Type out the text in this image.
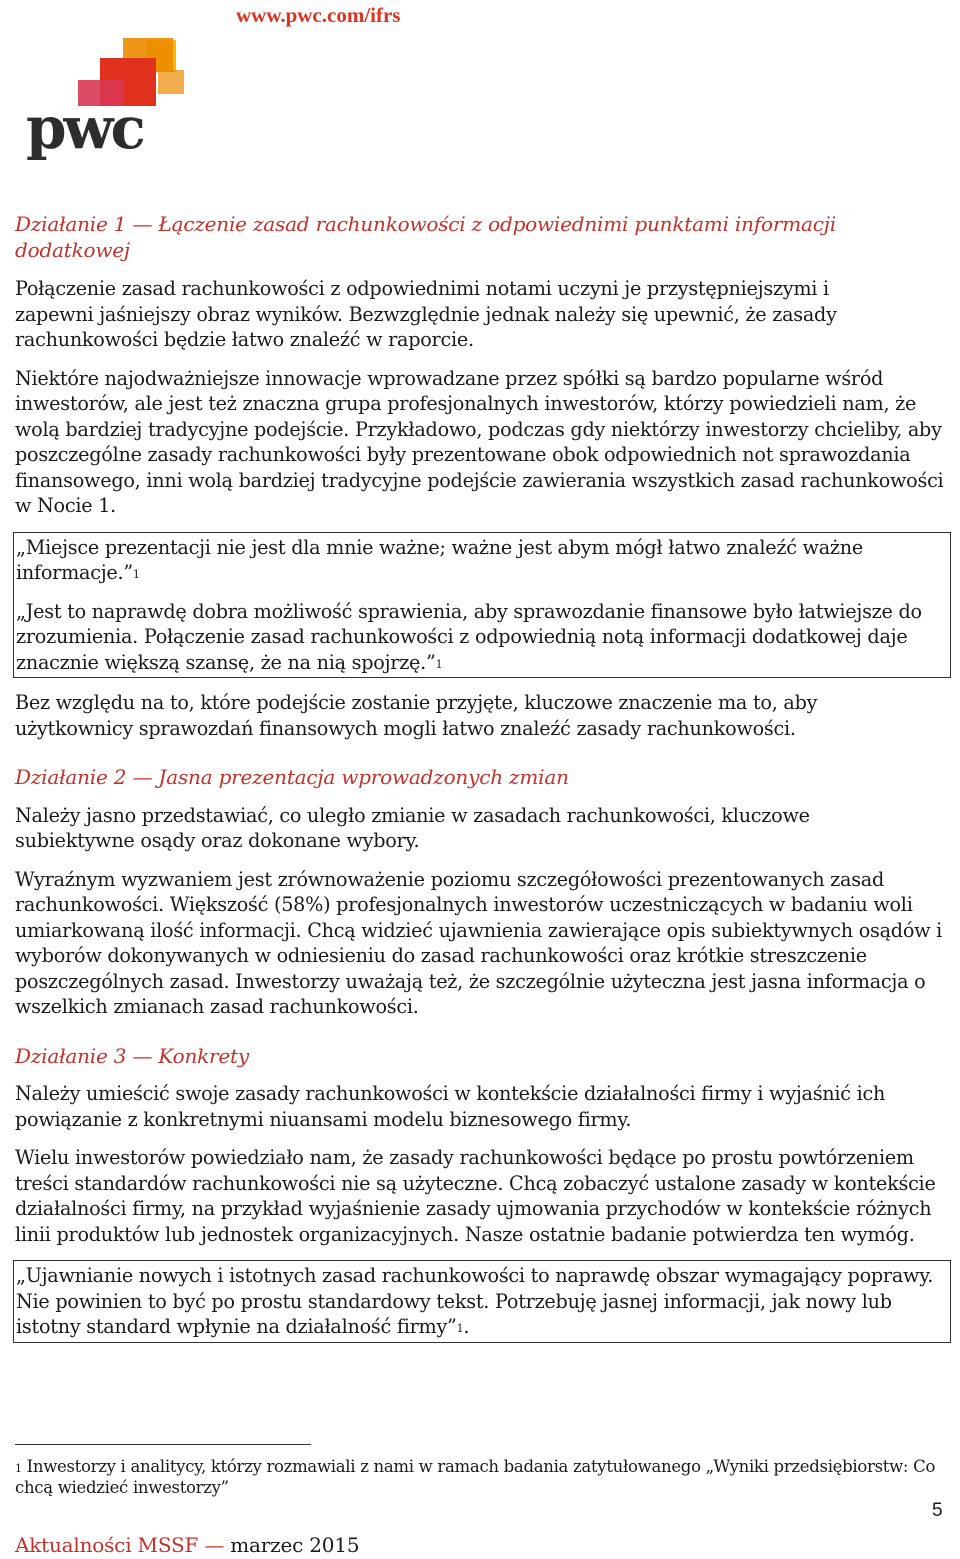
www.pwc.com/ifrs
pwc

Działanie 1 — Łączenie zasad rachunkowości z odpowiednimi punktami informacji dodatkowej

Połączenie zasad rachunkowości z odpowiednimi notami uczyni je przystępniejszymi i zapewni jaśniejszy obraz wyników. Bezwzględnie jednak należy się upewnić, że zasady rachunkowości będzie łatwo znaleźć w raporcie.

Niektóre najodważniejsze innowacje wprowadzane przez spółki są bardzo popularne wśród inwestorów, ale jest też znaczna grupa profesjonalnych inwestorów, którzy powiedzieli nam, że wolą bardziej tradycyjne podejście. Przykładowo, podczas gdy niektórzy inwestorzy chcieliby, aby poszczególne zasady rachunkowości były prezentowane obok odpowiednich not sprawozdania finansowego, inni wolą bardziej tradycyjne podejście zawierania wszystkich zasad rachunkowości w Nocie 1.

„Miejsce prezentacji nie jest dla mnie ważne; ważne jest abym mógł łatwo znaleźć ważne informacje.”$^1$

„Jest to naprawdę dobra możliwość sprawienia, aby sprawozdanie finansowe było łatwiejsze do zrozumienia. Połączenie zasad rachunkowości z odpowiednią notą informacji dodatkowej daje znacznie większą szansę, że na nią spojrzę.”$^1$

Bez względu na to, które podejście zostanie przyjęte, kluczowe znaczenie ma to, aby użytkownicy sprawozdań finansowych mogli łatwo znaleźć zasady rachunkowości.

Działanie 2 — Jasna prezentacja wprowadzonych zmian

Należy jasno przedstawiać, co uległo zmianie w zasadach rachunkowości, kluczowe subiektywne osądy oraz dokonane wybory.

Wyraźnym wyzwaniem jest zrównoważenie poziomu szczegółowości prezentowanych zasad rachunkowości. Większość (58%) profesjonalnych inwestorów uczestniczących w badaniu woli umiarkowaną ilość informacji. Chcą widzieć ujawnienia zawierające opis subiektywnych osądów i wyborów dokonywanych w odniesieniu do zasad rachunkowości oraz krótkie streszczenie poszczególnych zasad. Inwestorzy uważają też, że szczególnie użyteczna jest jasna informacja o wszelkich zmianach zasad rachunkowości.

Działanie 3 — Konkrety

Należy umieścić swoje zasady rachunkowości w kontekście działalności firmy i wyjaśnić ich powiązanie z konkretnymi niuansami modelu biznesowego firmy.

Wielu inwestorów powiedziało nam, że zasady rachunkowości będące po prostu powtórzeniem treści standardów rachunkowości nie są użyteczne. Chcą zobaczyć ustalone zasady w kontekście działalności firmy, na przykład wyjaśnienie zasady ujmowania przychodów w kontekście różnych linii produktów lub jednostek organizacyjnych. Nasze ostatnie badanie potwierdza ten wymóg.

„Ujawnianie nowych i istotnych zasad rachunkowości to naprawdę obszar wymagający poprawy. Nie powinien to być po prostu standardowy tekst. Potrzebuję jasnej informacji, jak nowy lub istotny standard wpłynie na działalność firmy”$^1$.

$^1$ Inwestorzy i analitycy, którzy rozmawiali z nami w ramach badania zatytułowanego „Wyniki przedsiębiorstw: Co chcą wiedzieć inwestorzy”
5
Aktualności MSSF — marzec 2015
